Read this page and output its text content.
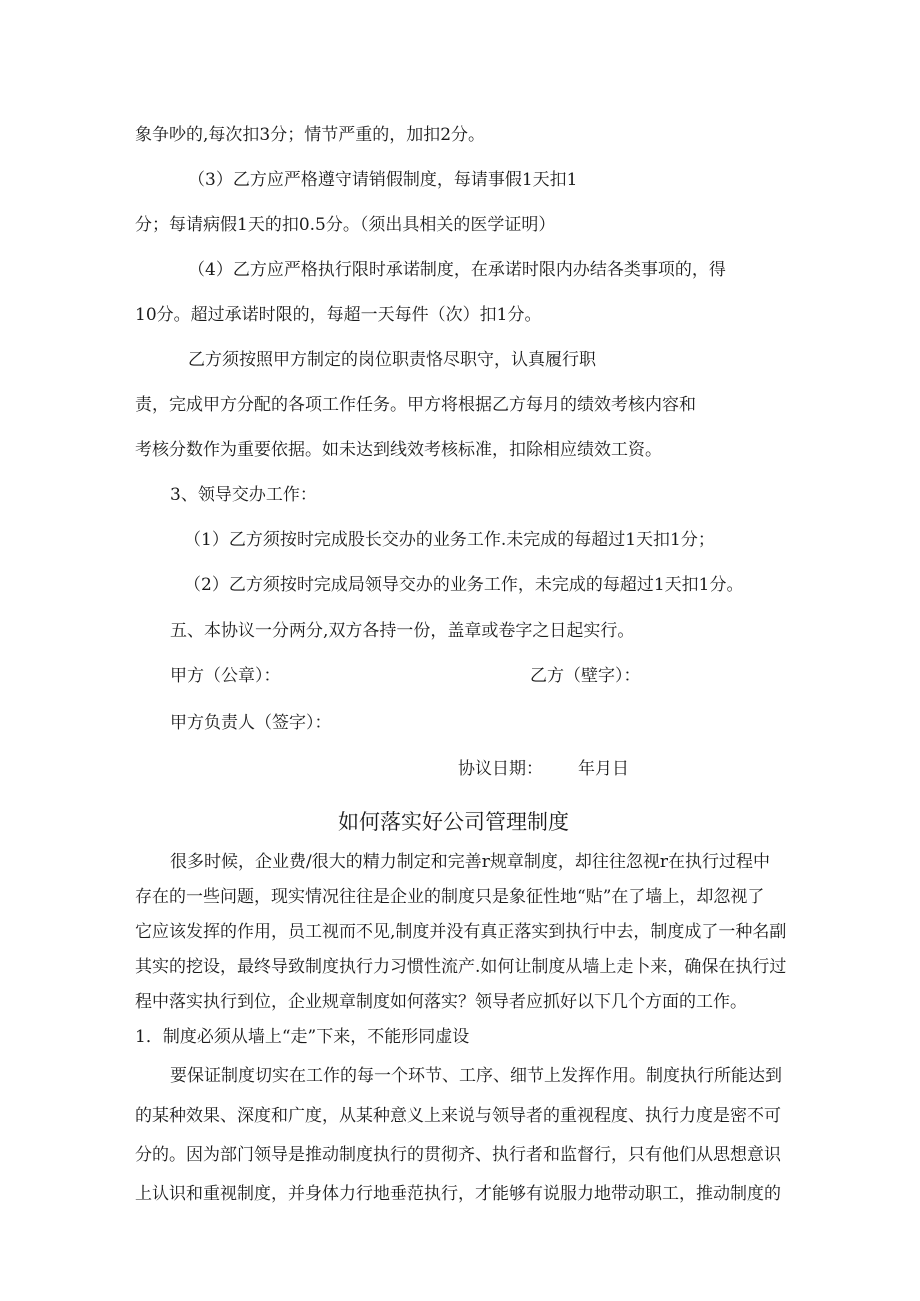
象争吵的,每次扣3分；情节严重的，加扣2分。
（3）乙方应严格遵守请销假制度，每请事假1天扣1
分；每请病假1天的扣0.5分。（须出具相关的医学证明）
（4）乙方应严格执行限时承诺制度，在承诺时限内办结各类事项的，得
10分。超过承诺时限的，每超一天每件（次）扣1分。
乙方须按照甲方制定的岗位职责恪尽职守，认真履行职
责，完成甲方分配的各项工作任务。甲方将根据乙方每月的绩效考核内容和
考核分数作为重要依据。如未达到线效考核标准，扣除相应绩效工资。
3、领导交办工作：
（1）乙方须按时完成股长交办的业务工作.未完成的每超过1天扣1分；
（2）乙方须按时完成局领导交办的业务工作，未完成的每超过1天扣1分。
五、本协议一分两分,双方各持一份，盖章或卷字之日起实行。
甲方（公章）：	乙方（壁字）：
甲方负责人（签字）：
协议日期： 年月日
如何落实好公司管理制度
很多时候，企业费/很大的精力制定和完善r规章制度，却往往忽视r在执行过程中
存在的一些问题，现实情况往往是企业的制度只是象征性地“贴”在了墙上，却忽视了
它应该发挥的作用，员工视而不见,制度并没有真正落实到执行中去，制度成了一种名副
其实的挖设，最终导致制度执行力习惯性流产.如何让制度从墙上走卜来，确保在执行过
程中落实执行到位，企业规章制度如何落实？领导者应抓好以下几个方面的工作。
1．制度必须从墙上“走”下来，不能形同虚设
要保证制度切实在工作的每一个环节、工序、细节上发挥作用。制度执行所能达到
的某种效果、深度和广度，从某种意义上来说与领导者的重视程度、执行力度是密不可
分的。因为部门领导是推动制度执行的贯彻齐、执行者和监督行，只有他们从思想意识
上认识和重视制度，并身体力行地垂范执行，才能够有说服力地带动职工，推动制度的
